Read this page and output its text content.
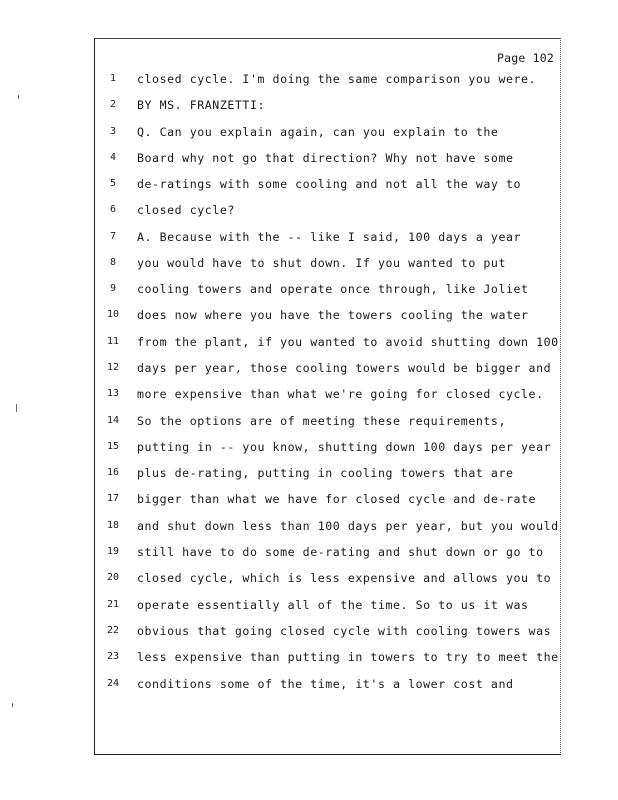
Page 102
1	closed cycle. I'm doing the same comparison you were.
2	BY MS. FRANZETTI:
3	Q. Can you explain again, can you explain to the
4	Board why not go that direction? Why not have some
5	de-ratings with some cooling and not all the way to
6	closed cycle?
7	A. Because with the -- like I said, 100 days a year
8	you would have to shut down. If you wanted to put
9	cooling towers and operate once through, like Joliet
10 does now where you have the towers cooling the water
11 from the plant, if you wanted to avoid shutting down 100
12 days per year, those cooling towers would be bigger and
13 more expensive than what we're going for closed cycle.
14 So the options are of meeting these requirements,
15 putting in -- you know, shutting down 100 days per year
16 plus de-rating, putting in cooling towers that are
17 bigger than what we have for closed cycle and de-rate
18 and shut down less than 100 days per year, but you would
19 still have to do some de-rating and shut down or go to
20 closed cycle, which is less expensive and allows you to
21 operate essentially all of the time. So to us it was
22 obvious that going closed cycle with cooling towers was
23 less expensive than putting in towers to try to meet the
24 conditions some of the time, it's a lower cost and
